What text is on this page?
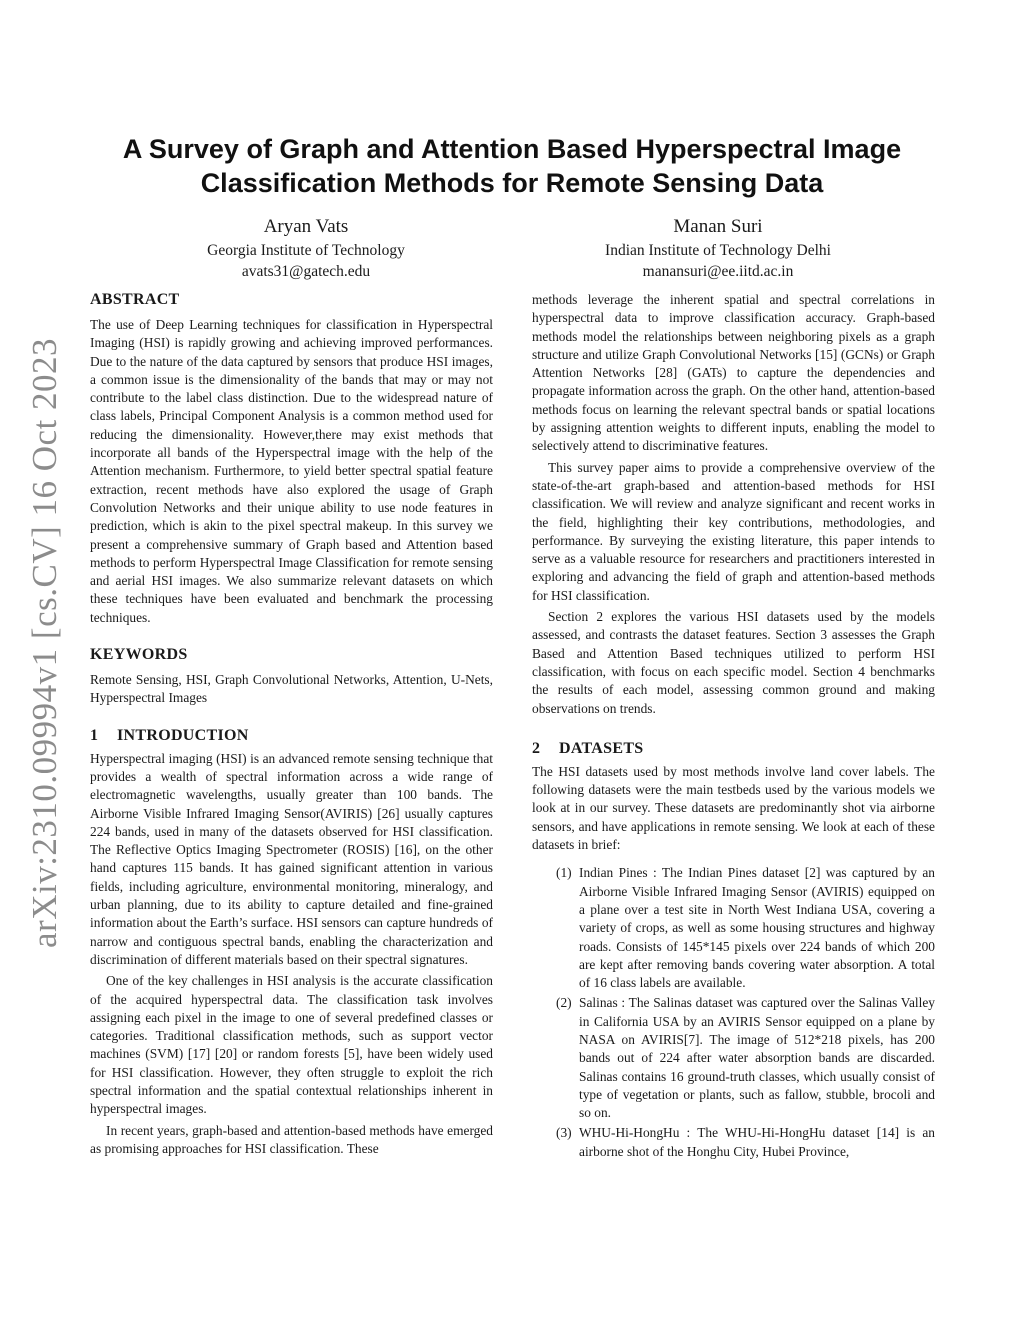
arXiv:2310.09994v1 [cs.CV] 16 Oct 2023
A Survey of Graph and Attention Based Hyperspectral Image
Classification Methods for Remote Sensing Data
Aryan Vats
Georgia Institute of Technology
avats31@gatech.edu
Manan Suri
Indian Institute of Technology Delhi
manansuri@ee.iitd.ac.in
ABSTRACT

The use of Deep Learning techniques for classification in Hyperspectral Imaging (HSI) is rapidly growing and achieving improved performances. Due to the nature of the data captured by sensors that produce HSI images, a common issue is the dimensionality of the bands that may or may not contribute to the label class distinction. Due to the widespread nature of class labels, Principal Component Analysis is a common method used for reducing the dimensionality. However,there may exist methods that incorporate all bands of the Hyperspectral image with the help of the Attention mechanism. Furthermore, to yield better spectral spatial feature extraction, recent methods have also explored the usage of Graph Convolution Networks and their unique ability to use node features in prediction, which is akin to the pixel spectral makeup. In this survey we present a comprehensive summary of Graph based and Attention based methods to perform Hyperspectral Image Classification for remote sensing and aerial HSI images. We also summarize relevant datasets on which these techniques have been evaluated and benchmark the processing techniques.

KEYWORDS

Remote Sensing, HSI, Graph Convolutional Networks, Attention, U-Nets, Hyperspectral Images

1 INTRODUCTION

Hyperspectral imaging (HSI) is an advanced remote sensing technique that provides a wealth of spectral information across a wide range of electromagnetic wavelengths, usually greater than 100 bands. The Airborne Visible Infrared Imaging Sensor(AVIRIS) [26] usually captures 224 bands, used in many of the datasets observed for HSI classification. The Reflective Optics Imaging Spectrometer (ROSIS) [16], on the other hand captures 115 bands. It has gained significant attention in various fields, including agriculture, environmental monitoring, mineralogy, and urban planning, due to its ability to capture detailed and fine-grained information about the Earth’s surface. HSI sensors can capture hundreds of narrow and contiguous spectral bands, enabling the characterization and discrimination of different materials based on their spectral signatures.

One of the key challenges in HSI analysis is the accurate classification of the acquired hyperspectral data. The classification task involves assigning each pixel in the image to one of several predefined classes or categories. Traditional classification methods, such as support vector machines (SVM) [17] [20] or random forests [5], have been widely used for HSI classification. However, they often struggle to exploit the rich spectral information and the spatial contextual relationships inherent in hyperspectral images.

In recent years, graph-based and attention-based methods have emerged as promising approaches for HSI classification. These

methods leverage the inherent spatial and spectral correlations in hyperspectral data to improve classification accuracy. Graph-based methods model the relationships between neighboring pixels as a graph structure and utilize Graph Convolutional Networks [15] (GCNs) or Graph Attention Networks [28] (GATs) to capture the dependencies and propagate information across the graph. On the other hand, attention-based methods focus on learning the relevant spectral bands or spatial locations by assigning attention weights to different inputs, enabling the model to selectively attend to discriminative features.

This survey paper aims to provide a comprehensive overview of the state-of-the-art graph-based and attention-based methods for HSI classification. We will review and analyze significant and recent works in the field, highlighting their key contributions, methodologies, and performance. By surveying the existing literature, this paper intends to serve as a valuable resource for researchers and practitioners interested in exploring and advancing the field of graph and attention-based methods for HSI classification.

Section 2 explores the various HSI datasets used by the models assessed, and contrasts the dataset features. Section 3 assesses the Graph Based and Attention Based techniques utilized to perform HSI classification, with focus on each specific model. Section 4 benchmarks the results of each model, assessing common ground and making observations on trends.

2 DATASETS

The HSI datasets used by most methods involve land cover labels. The following datasets were the main testbeds used by the various models we look at in our survey. These datasets are predominantly shot via airborne sensors, and have applications in remote sensing. We look at each of these datasets in brief:

(1) Indian Pines : The Indian Pines dataset [2] was captured by an Airborne Visible Infrared Imaging Sensor (AVIRIS) equipped on a plane over a test site in North West Indiana USA, covering a variety of crops, as well as some housing structures and highway roads. Consists of 145*145 pixels over 224 bands of which 200 are kept after removing bands covering water absorption. A total of 16 class labels are available.
(2) Salinas : The Salinas dataset was captured over the Salinas Valley in California USA by an AVIRIS Sensor equipped on a plane by NASA on AVIRIS[7]. The image of 512*218 pixels, has 200 bands out of 224 after water absorption bands are discarded. Salinas contains 16 ground-truth classes, which usually consist of type of vegetation or plants, such as fallow, stubble, brocoli and so on.
(3) WHU-Hi-HongHu : The WHU-Hi-HongHu dataset [14] is an airborne shot of the Honghu City, Hubei Province,
